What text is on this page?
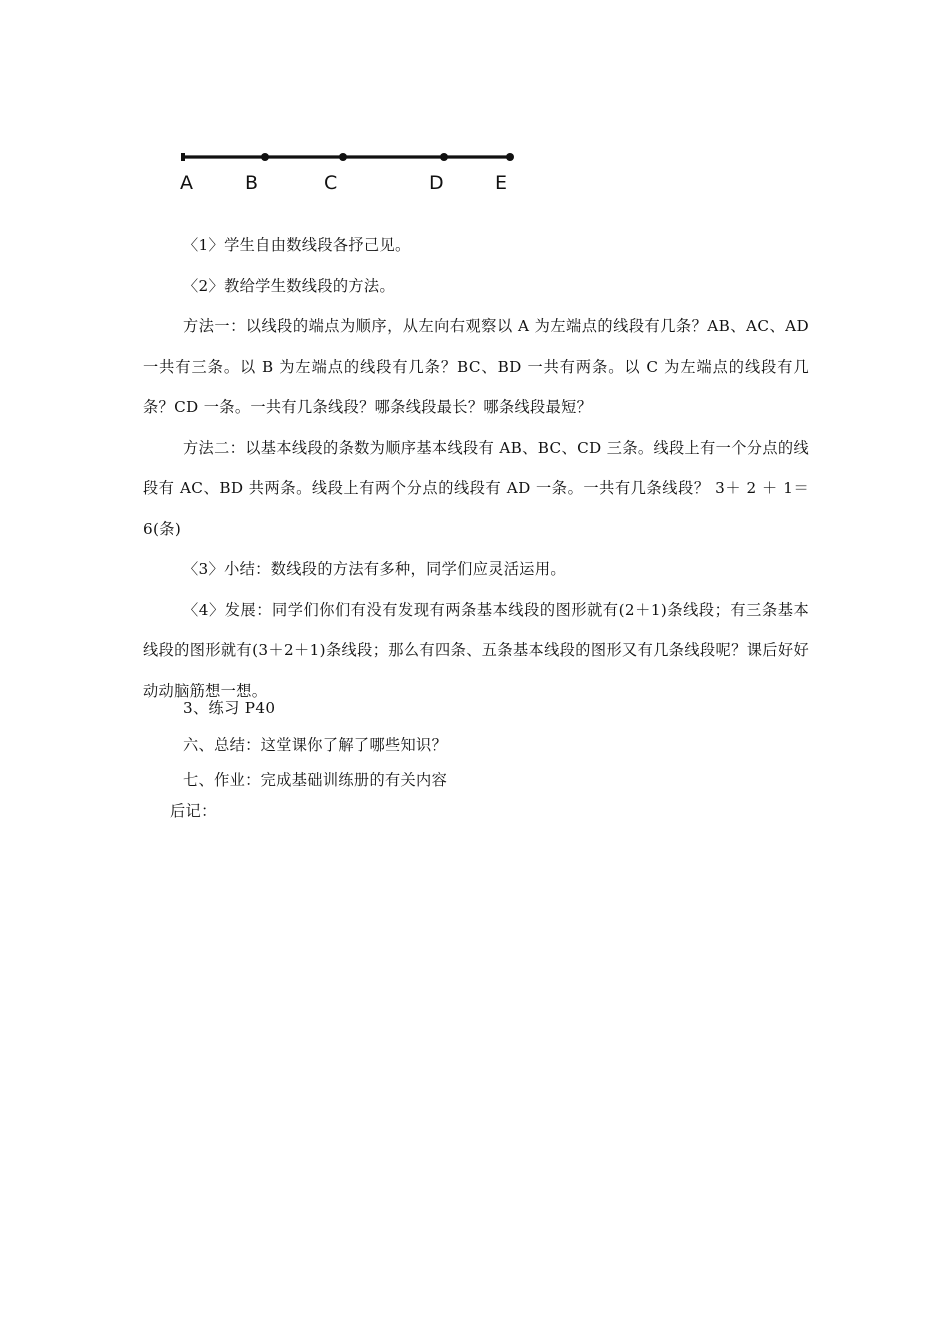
A	B	C	D	E

〈1〉学生自由数线段各抒己见。

〈2〉教给学生数线段的方法。

方法一：以线段的端点为顺序，从左向右观察以 A 为左端点的线段有几条？AB、AC、AD 一共有三条。以 B 为左端点的线段有几条？BC、BD 一共有两条。以 C 为左端点的线段有几条？CD 一条。一共有几条线段？哪条线段最长？哪条线段最短？

方法二：以基本线段的条数为顺序基本线段有 AB、BC、CD 三条。线段上有一个分点的线段有 AC、BD 共两条。线段上有两个分点的线段有 AD 一条。一共有几条线段？ 3＋ 2 ＋ 1＝6(条)

〈3〉小结：数线段的方法有多种，同学们应灵活运用。

〈4〉发展：同学们你们有没有发现有两条基本线段的图形就有(2＋1)条线段；有三条基本线段的图形就有(3＋2＋1)条线段；那么有四条、五条基本线段的图形又有几条线段呢？课后好好动动脑筋想一想。

3、练习 P40
六、总结：这堂课你了解了哪些知识？
七、作业：完成基础训练册的有关内容
后记：
